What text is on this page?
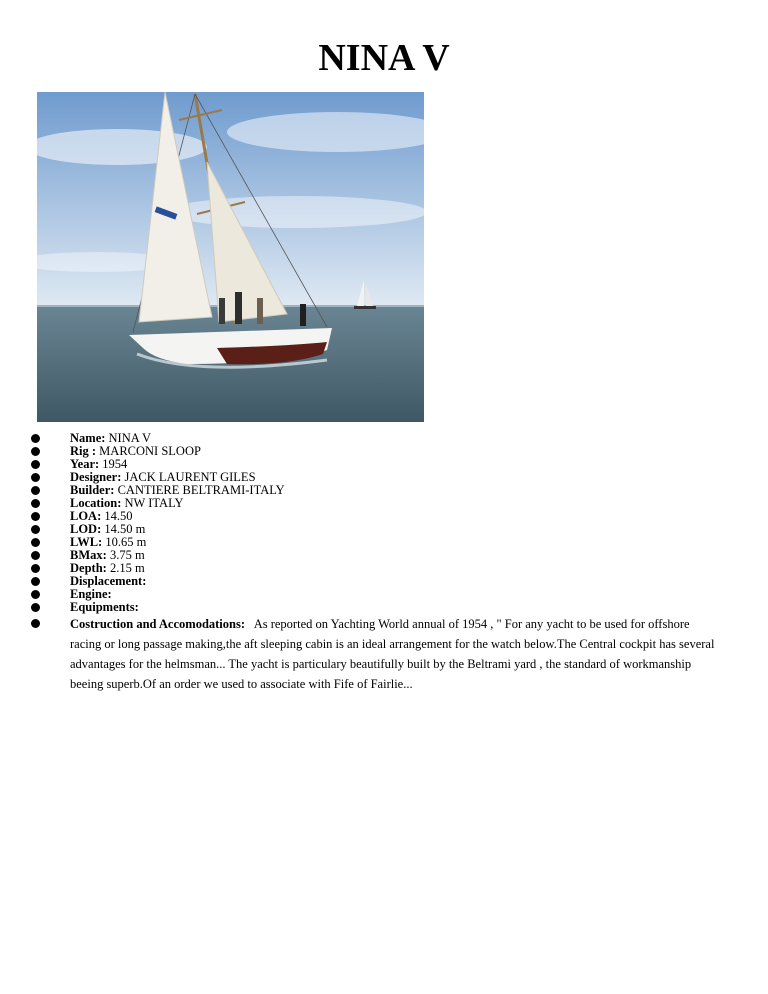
NINA V
Name: NINA V
Rig : MARCONI SLOOP
Year: 1954
Designer: JACK LAURENT GILES
Builder: CANTIERE BELTRAMI-ITALY
Location: NW ITALY
LOA: 14.50
LOD: 14.50 m
LWL: 10.65 m
BMax: 3.75 m
Depth: 2.15 m
Displacement:
Engine:
Equipments:
Costruction and Accomodations:   As reported on Yachting World annual of 1954 , " For any yacht to be used for offshore racing or long passage making,the aft sleeping cabin is an ideal arrangement for the watch below.The Central cockpit has several advantages for the helmsman... The yacht is particulary beautifully built by the Beltrami yard , the standard of workmanship beeing superb.Of an order we used to associate with Fife of Fairlie...
